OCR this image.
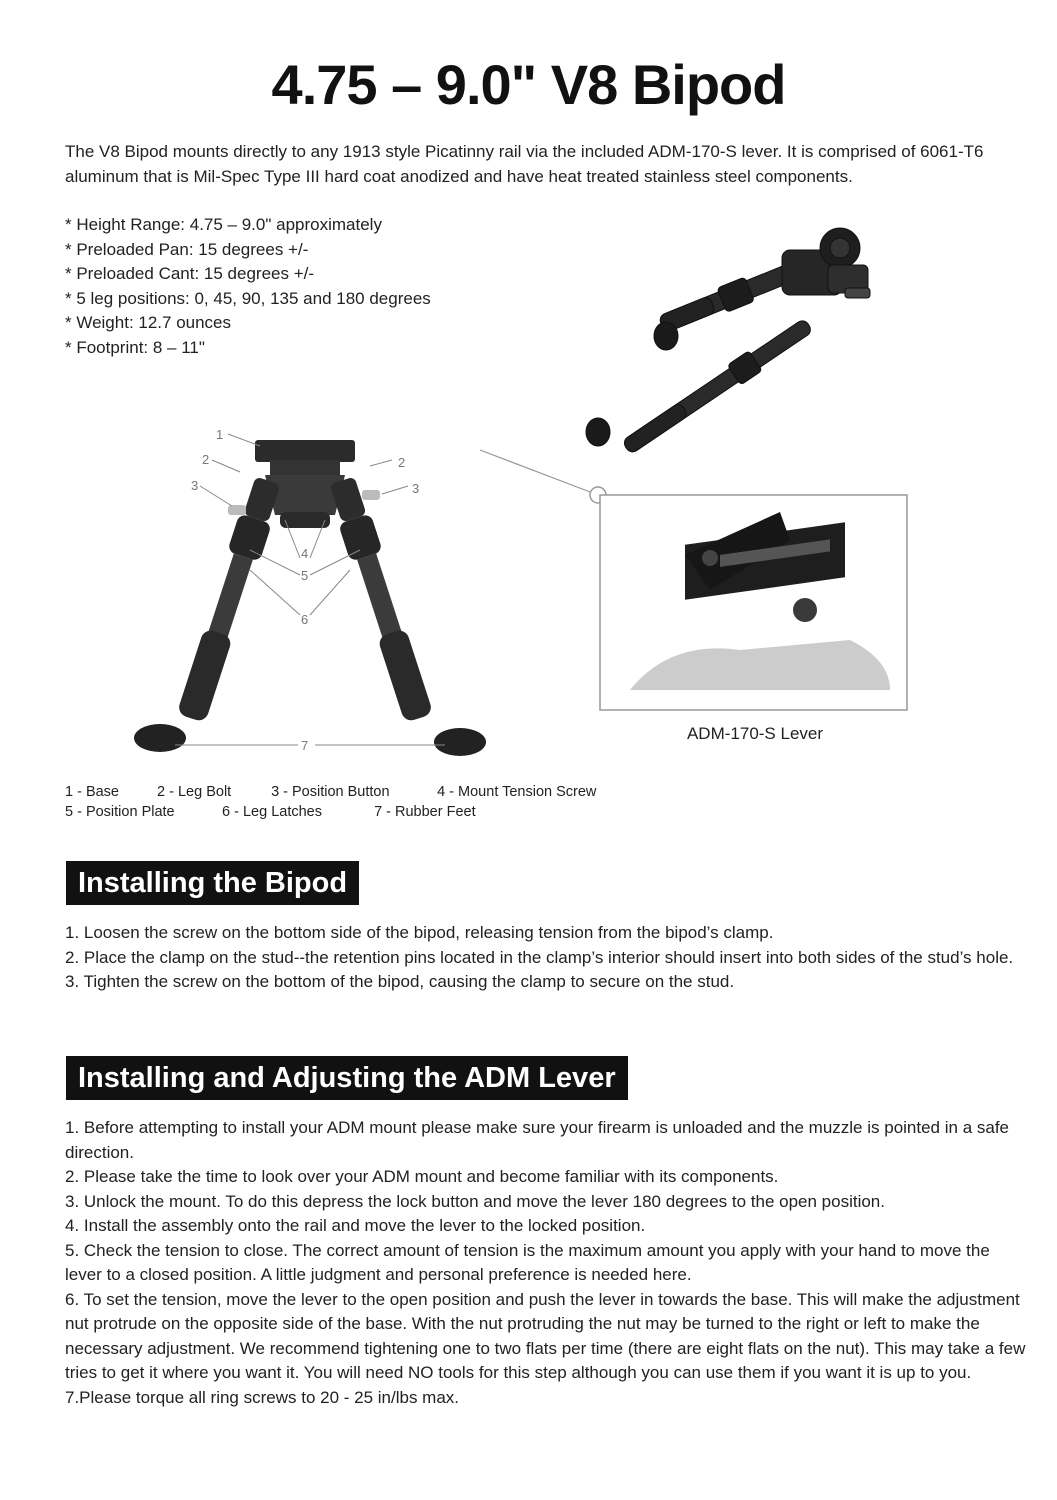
4.75 – 9.0" V8 Bipod
The V8 Bipod mounts directly to any 1913 style Picatinny rail via the included ADM-170-S lever. It is comprised of 6061-T6 aluminum that is Mil-Spec Type III hard coat anodized and have heat treated stainless steel components.
* Height Range: 4.75 – 9.0" approximately
* Preloaded Pan: 15 degrees +/-
* Preloaded Cant: 15 degrees +/-
* 5 leg positions: 0, 45, 90, 135 and 180 degrees
* Weight: 12.7 ounces
* Footprint: 8 – 11"
1
2	2
3	3
4
5
6
7
ADM-170-S Lever
1 - Base	2 - Leg Bolt	3 - Position Button	4 - Mount Tension Screw
5 - Position Plate	6 - Leg Latches	7 - Rubber Feet
Installing the Bipod
1. Loosen the screw on the bottom side of the bipod, releasing tension from the bipod’s clamp.
2. Place the clamp on the stud--the retention pins located in the clamp’s interior should insert into both sides of the stud’s hole.
3. Tighten the screw on the bottom of the bipod, causing the clamp to secure on the stud.
Installing and Adjusting the ADM Lever
1. Before attempting to install your ADM mount please make sure your firearm is unloaded and the muzzle is pointed in a safe direction.
2. Please take the time to look over your ADM mount and become familiar with its components.
3. Unlock the mount. To do this depress the lock button and move the lever 180 degrees to the open position.
4. Install the assembly onto the rail and move the lever to the locked position.
5. Check the tension to close. The correct amount of tension is the maximum amount you apply with your hand to move the lever to a closed position. A little judgment and personal preference is needed here.
6. To set the tension, move the lever to the open position and push the lever in towards the base. This will make the adjustment nut protrude on the opposite side of the base. With the nut protruding the nut may be turned to the right or left to make the necessary adjustment. We recommend tightening one to two flats per time (there are eight flats on the nut). This may take a few tries to get it where you want it. You will need NO tools for this step although you can use them if you want it is up to you.
7.Please torque all ring screws to 20 - 25 in/lbs max.
